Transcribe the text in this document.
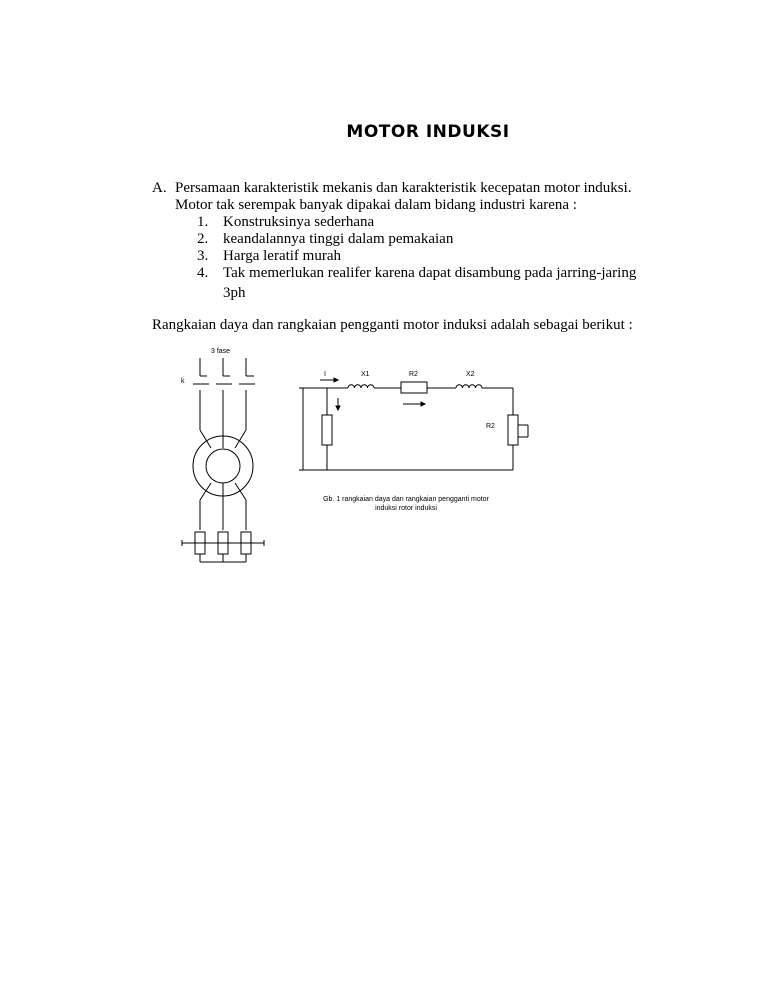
MOTOR INDUKSI
A. Persamaan karakteristik mekanis dan karakteristik kecepatan motor induksi.
Motor tak serempak banyak dipakai dalam bidang industri karena :
1. Konstruksinya sederhana
2. keandalannya tinggi dalam pemakaian
3. Harga leratif murah
4. Tak memerlukan realifer karena dapat disambung pada jarring-jaring
3ph
Rangkaian daya dan rangkaian pengganti motor induksi adalah sebagai berikut :
3 fase
k
I	X1	R2	X2
R2
Gb. 1 rangkaian daya dan rangkaian pengganti motor
induksi rotor induksi
